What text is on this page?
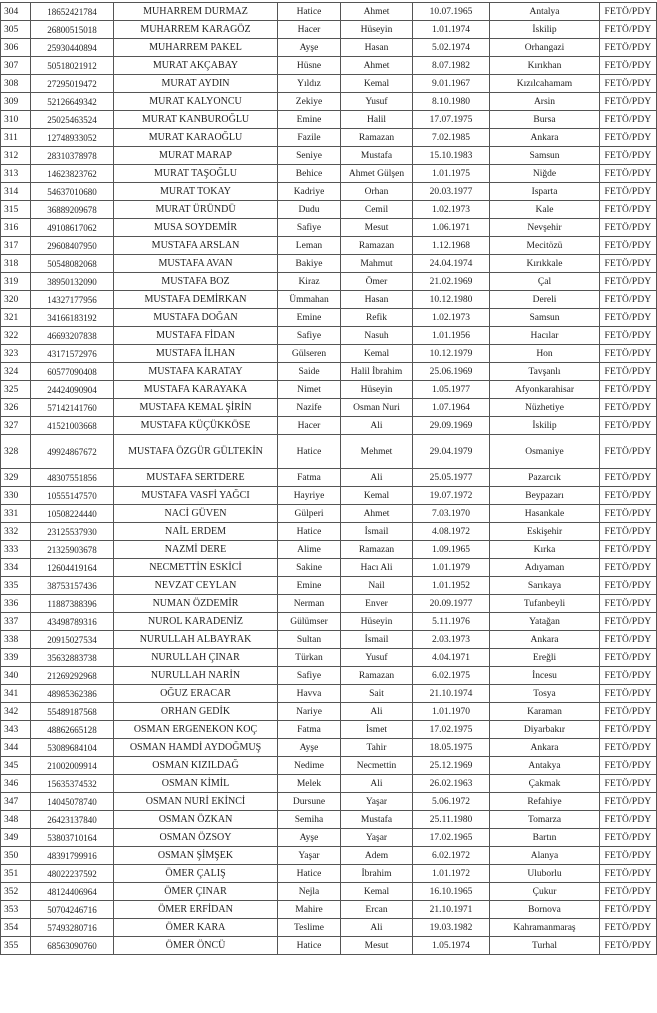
304	18652421784	MUHARREM DURMAZ	Hatice	Ahmet	10.07.1965	Antalya	FETÖ/PDY
305	26800515018	MUHARREM KARAGÖZ	Hacer	Hüseyin	1.01.1974	İskilip	FETÖ/PDY
306	25930440894	MUHARREM PAKEL	Ayşe	Hasan	5.02.1974	Orhangazi	FETÖ/PDY
307	50518021912	MURAT AKÇABAY	Hüsne	Ahmet	8.07.1982	Kırıkhan	FETÖ/PDY
308	27295019472	MURAT AYDIN	Yıldız	Kemal	9.01.1967	Kızılcahamam	FETÖ/PDY
309	52126649342	MURAT KALYONCU	Zekiye	Yusuf	8.10.1980	Arsin	FETÖ/PDY
310	25025463524	MURAT KANBUROĞLU	Emine	Halil	17.07.1975	Bursa	FETÖ/PDY
311	12748933052	MURAT KARAOĞLU	Fazile	Ramazan	7.02.1985	Ankara	FETÖ/PDY
312	28310378978	MURAT MARAP	Seniye	Mustafa	15.10.1983	Samsun	FETÖ/PDY
313	14623823762	MURAT TAŞOĞLU	Behice	Ahmet Gülşen	1.01.1975	Niğde	FETÖ/PDY
314	54637010680	MURAT TOKAY	Kadriye	Orhan	20.03.1977	Isparta	FETÖ/PDY
315	36889209678	MURAT ÜRÜNDÜ	Dudu	Cemil	1.02.1973	Kale	FETÖ/PDY
316	49108617062	MUSA SOYDEMİR	Safiye	Mesut	1.06.1971	Nevşehir	FETÖ/PDY
317	29608407950	MUSTAFA ARSLAN	Leman	Ramazan	1.12.1968	Mecitözü	FETÖ/PDY
318	50548082068	MUSTAFA AVAN	Bakiye	Mahmut	24.04.1974	Kırıkkale	FETÖ/PDY
319	38950132090	MUSTAFA BOZ	Kiraz	Ömer	21.02.1969	Çal	FETÖ/PDY
320	14327177956	MUSTAFA DEMİRKAN	Ümmahan	Hasan	10.12.1980	Dereli	FETÖ/PDY
321	34166183192	MUSTAFA DOĞAN	Emine	Refik	1.02.1973	Samsun	FETÖ/PDY
322	46693207838	MUSTAFA FİDAN	Safiye	Nasuh	1.01.1956	Hacılar	FETÖ/PDY
323	43171572976	MUSTAFA İLHAN	Gülseren	Kemal	10.12.1979	Hon	FETÖ/PDY
324	60577090408	MUSTAFA KARATAY	Saide	Halil İbrahim	25.06.1969	Tavşanlı	FETÖ/PDY
325	24424090904	MUSTAFA KARAYAKA	Nimet	Hüseyin	1.05.1977	Afyonkarahisar	FETÖ/PDY
326	57142141760	MUSTAFA KEMAL ŞİRİN	Nazife	Osman Nuri	1.07.1964	Nüzhetiye	FETÖ/PDY
327	41521003668	MUSTAFA KÜÇÜKKÖSE	Hacer	Ali	29.09.1969	İskilip	FETÖ/PDY
328	49924867672	MUSTAFA ÖZGÜR GÜLTEKİN	Hatice	Mehmet	29.04.1979	Osmaniye	FETÖ/PDY
329	48307551856	MUSTAFA SERTDERE	Fatma	Ali	25.05.1977	Pazarcık	FETÖ/PDY
330	10555147570	MUSTAFA VASFİ YAĞCI	Hayriye	Kemal	19.07.1972	Beypazarı	FETÖ/PDY
331	10508224440	NACİ GÜVEN	Gülperi	Ahmet	7.03.1970	Hasankale	FETÖ/PDY
332	23125537930	NAİL ERDEM	Hatice	İsmail	4.08.1972	Eskişehir	FETÖ/PDY
333	21325903678	NAZMİ DERE	Alime	Ramazan	1.09.1965	Kırka	FETÖ/PDY
334	12604419164	NECMETTİN ESKİCİ	Sakine	Hacı Ali	1.01.1979	Adıyaman	FETÖ/PDY
335	38753157436	NEVZAT CEYLAN	Emine	Nail	1.01.1952	Sarıkaya	FETÖ/PDY
336	11887388396	NUMAN ÖZDEMİR	Nerman	Enver	20.09.1977	Tufanbeyli	FETÖ/PDY
337	43498789316	NUROL KARADENİZ	Gülümser	Hüseyin	5.11.1976	Yatağan	FETÖ/PDY
338	20915027534	NURULLAH ALBAYRAK	Sultan	İsmail	2.03.1973	Ankara	FETÖ/PDY
339	35632883738	NURULLAH ÇINAR	Türkan	Yusuf	4.04.1971	Ereğli	FETÖ/PDY
340	21269292968	NURULLAH NARİN	Safiye	Ramazan	6.02.1975	İncesu	FETÖ/PDY
341	48985362386	OĞUZ ERACAR	Havva	Sait	21.10.1974	Tosya	FETÖ/PDY
342	55489187568	ORHAN GEDİK	Nariye	Ali	1.01.1970	Karaman	FETÖ/PDY
343	48862665128	OSMAN ERGENEKON KOÇ	Fatma	İsmet	17.02.1975	Diyarbakır	FETÖ/PDY
344	53089684104	OSMAN HAMDİ AYDOĞMUŞ	Ayşe	Tahir	18.05.1975	Ankara	FETÖ/PDY
345	21002009914	OSMAN KIZILDAĞ	Nedime	Necmettin	25.12.1969	Antakya	FETÖ/PDY
346	15635374532	OSMAN KİMİL	Melek	Ali	26.02.1963	Çakmak	FETÖ/PDY
347	14045078740	OSMAN NURİ EKİNCİ	Dursune	Yaşar	5.06.1972	Refahiye	FETÖ/PDY
348	26423137840	OSMAN ÖZKAN	Semiha	Mustafa	25.11.1980	Tomarza	FETÖ/PDY
349	53803710164	OSMAN ÖZSOY	Ayşe	Yaşar	17.02.1965	Bartın	FETÖ/PDY
350	48391799916	OSMAN ŞİMŞEK	Yaşar	Adem	6.02.1972	Alanya	FETÖ/PDY
351	48022237592	ÖMER ÇALIŞ	Hatice	İbrahim	1.01.1972	Uluborlu	FETÖ/PDY
352	48124406964	ÖMER ÇINAR	Nejla	Kemal	16.10.1965	Çukur	FETÖ/PDY
353	50704246716	ÖMER ERFİDAN	Mahire	Ercan	21.10.1971	Bornova	FETÖ/PDY
354	57493280716	ÖMER KARA	Teslime	Ali	19.03.1982	Kahramanmaraş	FETÖ/PDY
355	68563090760	ÖMER ÖNCÜ	Hatice	Mesut	1.05.1974	Turhal	FETÖ/PDY
